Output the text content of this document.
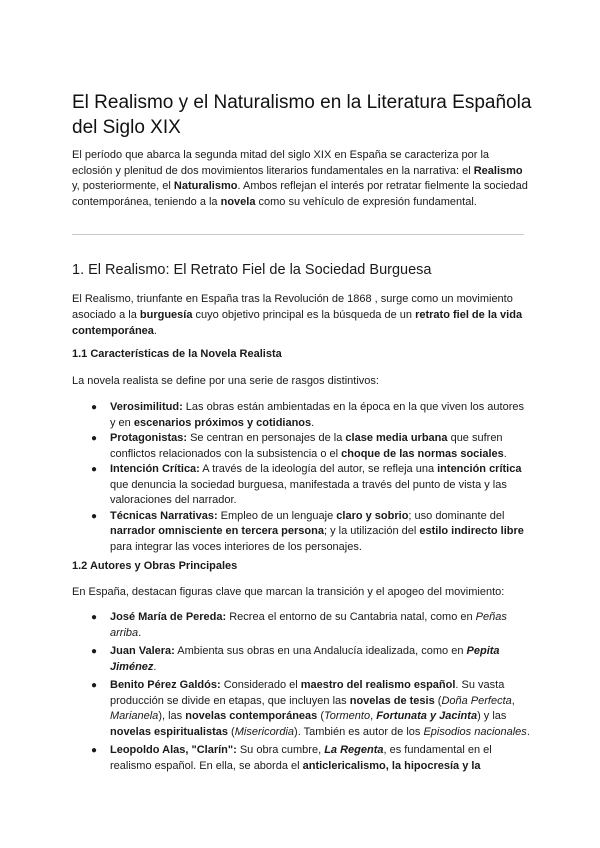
El Realismo y el Naturalismo en la Literatura Española del Siglo XIX

El período que abarca la segunda mitad del siglo XIX en España se caracteriza por la eclosión y plenitud de dos movimientos literarios fundamentales en la narrativa: el Realismo y, posteriormente, el Naturalismo. Ambos reflejan el interés por retratar fielmente la sociedad contemporánea, teniendo a la novela como su vehículo de expresión fundamental.

1. El Realismo: El Retrato Fiel de la Sociedad Burguesa

El Realismo, triunfante en España tras la Revolución de 1868 , surge como un movimiento asociado a la burguesía cuyo objetivo principal es la búsqueda de un retrato fiel de la vida contemporánea.

1.1 Características de la Novela Realista

La novela realista se define por una serie de rasgos distintivos:

● Verosimilitud: Las obras están ambientadas en la época en la que viven los autores y en escenarios próximos y cotidianos.
● Protagonistas: Se centran en personajes de la clase media urbana que sufren conflictos relacionados con la subsistencia o el choque de las normas sociales.
● Intención Crítica: A través de la ideología del autor, se refleja una intención crítica que denuncia la sociedad burguesa, manifestada a través del punto de vista y las valoraciones del narrador.
● Técnicas Narrativas: Empleo de un lenguaje claro y sobrio; uso dominante del narrador omnisciente en tercera persona; y la utilización del estilo indirecto libre para integrar las voces interiores de los personajes.
1.2 Autores y Obras Principales

En España, destacan figuras clave que marcan la transición y el apogeo del movimiento:

● José María de Pereda: Recrea el entorno de su Cantabria natal, como en Peñas arriba.
● Juan Valera: Ambienta sus obras en una Andalucía idealizada, como en Pepita Jiménez.
● Benito Pérez Galdós: Considerado el maestro del realismo español. Su vasta producción se divide en etapas, que incluyen las novelas de tesis (Doña Perfecta, Marianela), las novelas contemporáneas (Tormento, Fortunata y Jacinta) y las novelas espiritualistas (Misericordia). También es autor de los Episodios nacionales.
● Leopoldo Alas, "Clarín": Su obra cumbre, La Regenta, es fundamental en el realismo español. En ella, se aborda el anticlericalismo, la hipocresía y la
